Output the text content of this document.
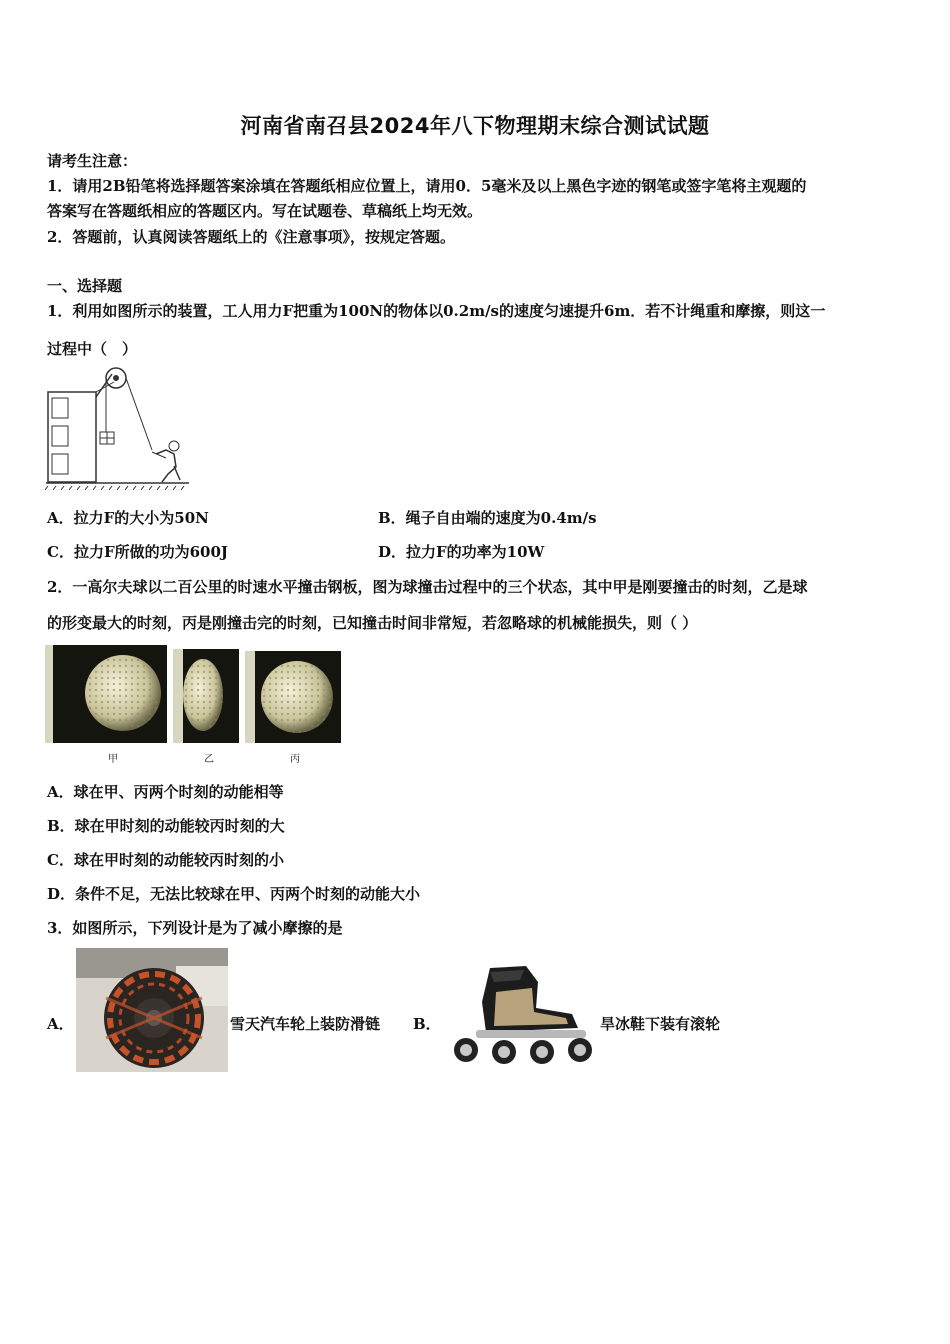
河南省南召县2024年八下物理期末综合测试试题
请考生注意：
1．请用2B铅笔将选择题答案涂填在答题纸相应位置上，请用0．5毫米及以上黑色字迹的钢笔或签字笔将主观题的
答案写在答题纸相应的答题区内。写在试题卷、草稿纸上均无效。
2．答题前，认真阅读答题纸上的《注意事项》，按规定答题。
一、选择题
1．利用如图所示的装置，工人用力F把重为100N的物体以0.2m/s的速度匀速提升6m．若不计绳重和摩擦，则这一
过程中（　）
A．拉力F的大小为50N	B．绳子自由端的速度为0.4m/s
C．拉力F所做的功为600J	D．拉力F的功率为10W
2．一高尔夫球以二百公里的时速水平撞击钢板，图为球撞击过程中的三个状态，其中甲是刚要撞击的时刻，乙是球
的形变最大的时刻，丙是刚撞击完的时刻，已知撞击时间非常短，若忽略球的机械能损失，则（ ）
甲	乙	丙
A．球在甲、丙两个时刻的动能相等
B．球在甲时刻的动能较丙时刻的大
C．球在甲时刻的动能较丙时刻的小
D．条件不足，无法比较球在甲、丙两个时刻的动能大小
3．如图所示，下列设计是为了减小摩擦的是
A．	雪天汽车轮上装防滑链 B．	旱冰鞋下装有滚轮
